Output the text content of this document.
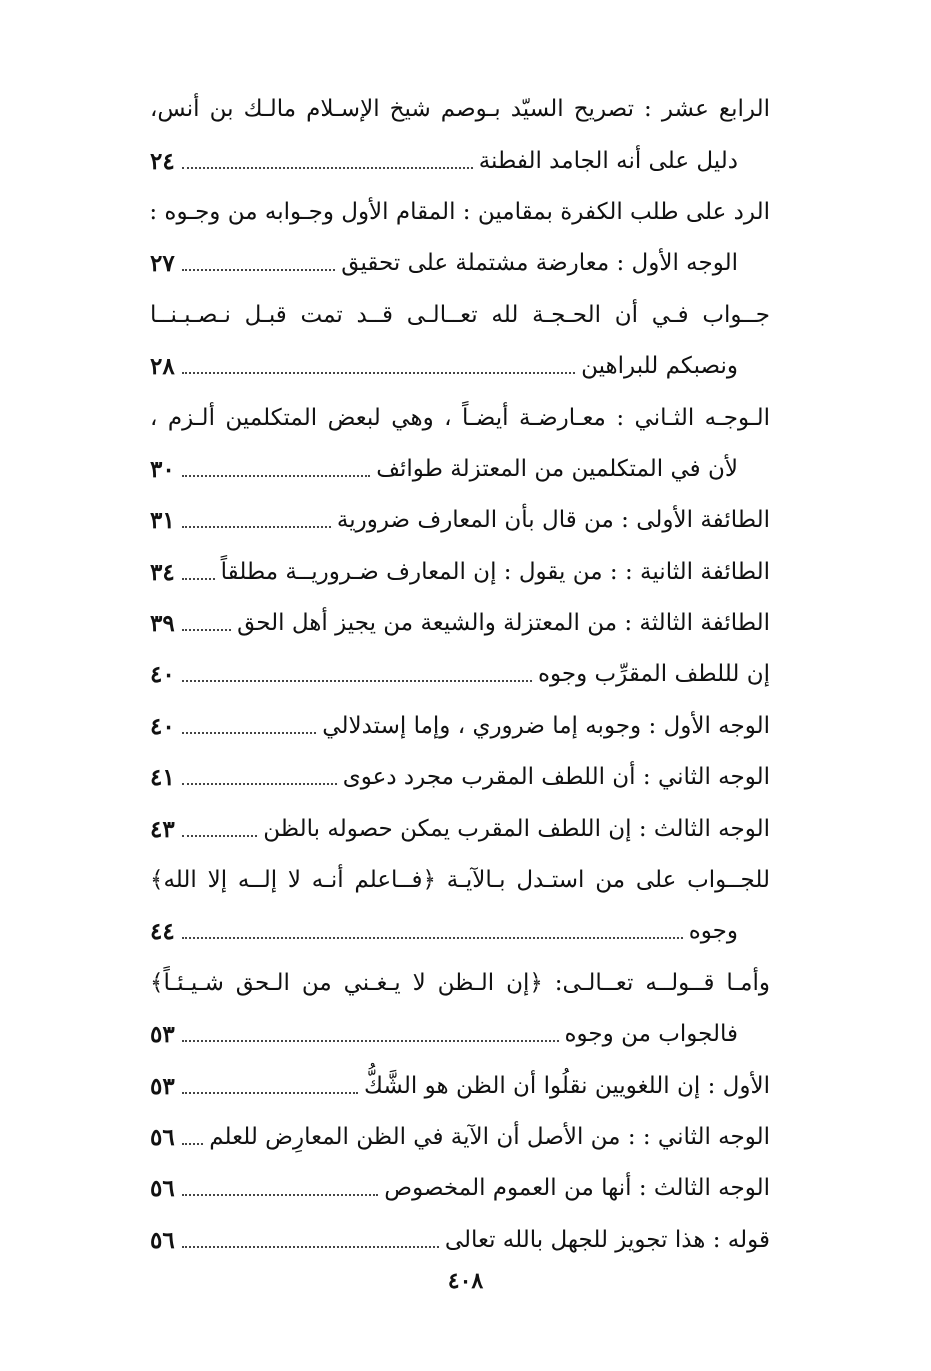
الرابع عشر : تصريح السيّد بـوصم شيخ الإسـلام مالـك بن أنس،
دليل على أنه الجامد الفطنة
٢٤
الرد على طلب الكفرة بمقامين : المقام الأول وجـوابه من وجـوه :
الوجه الأول : معارضة مشتملة على تحقيق
٢٧
جــواب فـي أن الحـجـة لله تعــالـى قــد تمت قبـل نـصـبـنــا
ونصبكم للبراهين
٢٨
الـوجـه الثـاني : معـارضـة أيضـاً ، وهي لبعض المتكلمين ألـزم ،
لأن في المتكلمين من المعتزلة طوائف
٣٠
الطائفة الأولى : من قال بأن المعارف ضرورية
٣١
الطائفة الثانية : : من يقول : إن المعارف ضـروريــة مطلقاً
٣٤
الطائفة الثالثة : من المعتزلة والشيعة من يجيز أهل الحق
٣٩
إن لللطف المقرِّب وجوه
٤٠
الوجه الأول : وجوبه إما ضروري ، وإما إستدلالي
٤٠
الوجه الثاني : أن اللطف المقرب مجرد دعوى
٤١
الوجه الثالث : إن اللطف المقرب يمكن حصوله بالظن
٤٣
للجــواب على من استـدل بـالآيـة ﴿فــاعلم أنـه لا إلــه إلا الله﴾
وجوه
٤٤
وأمـا قــولــه تعــالـى: ﴿إن الـظن لا يـغـني من الـحق شـيـئـاً﴾
فالجواب من وجوه
٥٣
الأول : إن اللغويين نقلُوا أن الظن هو الشَّكُّ
٥٣
الوجه الثاني : : من الأصل أن الآية في الظن المعارِض للعلم
٥٦
الوجه الثالث : أنها من العموم المخصوص
٥٦
قوله : هذا تجويز للجهل بالله تعالى
٥٦
٤٠٨
